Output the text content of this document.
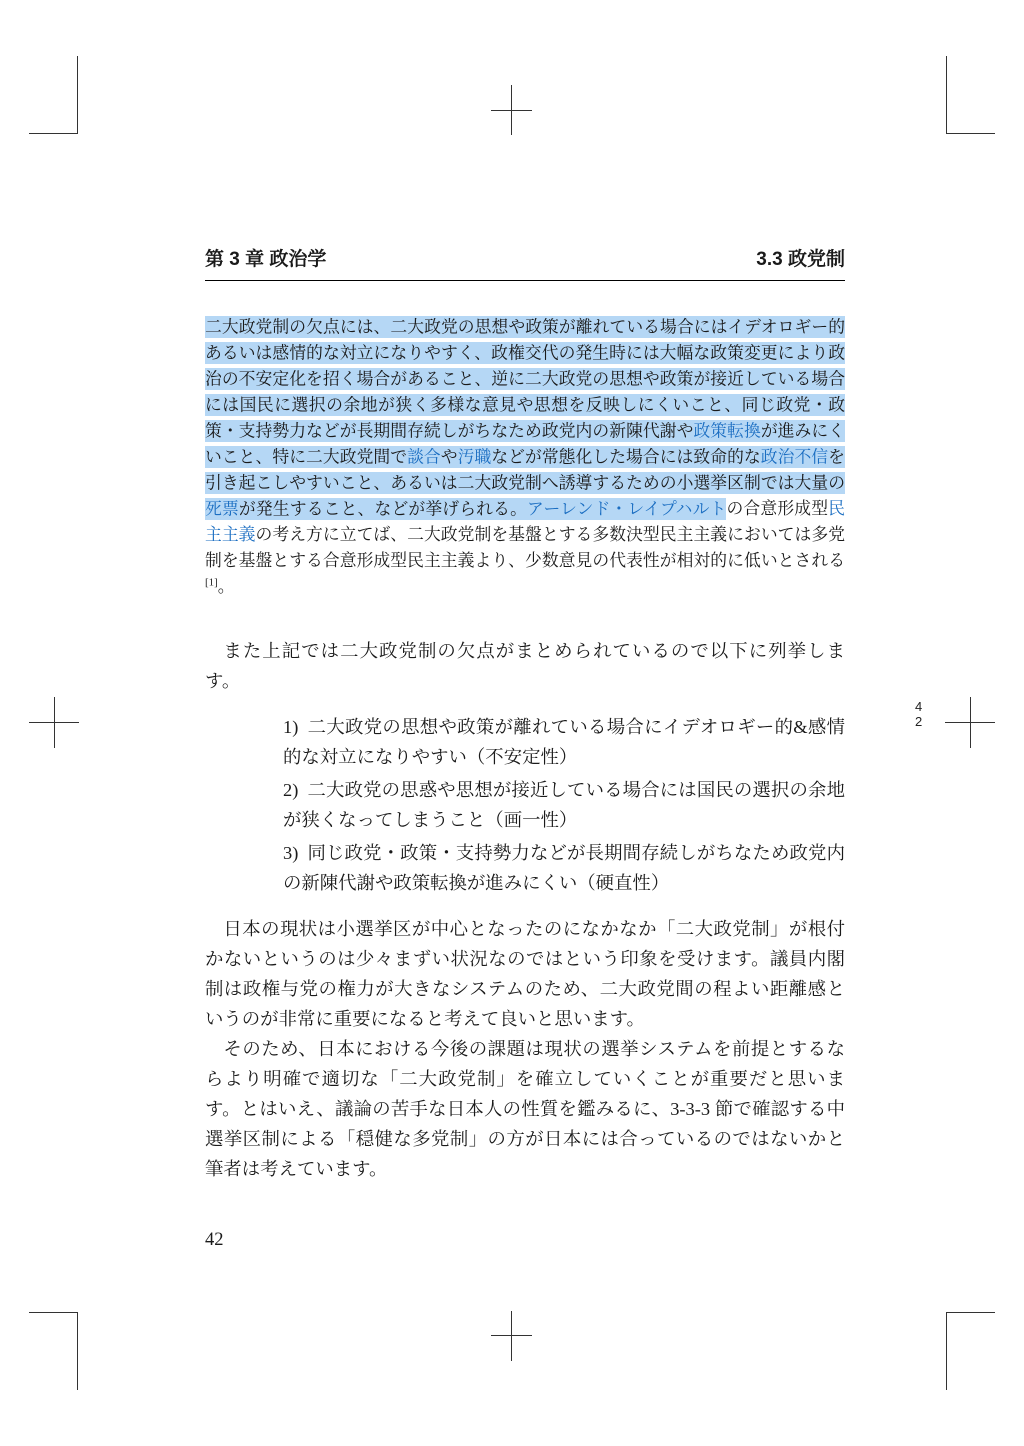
第 3 章 政治学	3.3 政党制

二大政党制の欠点には、二大政党の思想や政策が離れている場合にはイデオロギー的あるいは感情的な対立になりやすく、政権交代の発生時には大幅な政策変更により政治の不安定化を招く場合があること、逆に二大政党の思想や政策が接近している場合には国民に選択の余地が狭く多様な意見や思想を反映しにくいこと、同じ政党・政策・支持勢力などが長期間存続しがちなため政党内の新陳代謝や政策転換が進みにくいこと、特に二大政党間で談合や汚職などが常態化した場合には致命的な政治不信を引き起こしやすいこと、あるいは二大政党制へ誘導するための小選挙区制では大量の死票が発生すること、などが挙げられる。アーレンド・レイプハルトの合意形成型民主主義の考え方に立てば、二大政党制を基盤とする多数決型民主主義においては多党制を基盤とする合意形成型民主主義より、少数意見の代表性が相対的に低いとされる[1]。

また上記では二大政党制の欠点がまとめられているので以下に列挙します。

1) 二大政党の思想や政策が離れている場合にイデオロギー的&感情的な対立になりやすい（不安定性）
2) 二大政党の思惑や思想が接近している場合には国民の選択の余地が狭くなってしまうこと（画一性）
3) 同じ政党・政策・支持勢力などが長期間存続しがちなため政党内の新陳代謝や政策転換が進みにくい（硬直性）

日本の現状は小選挙区が中心となったのになかなか「二大政党制」が根付かないというのは少々まずい状況なのではという印象を受けます。議員内閣制は政権与党の権力が大きなシステムのため、二大政党間の程よい距離感というのが非常に重要になると考えて良いと思います。

そのため、日本における今後の課題は現状の選挙システムを前提とするならより明確で適切な「二大政党制」を確立していくことが重要だと思います。とはいえ、議論の苦手な日本人の性質を鑑みるに、3-3-3 節で確認する中選挙区制による「穏健な多党制」の方が日本には合っているのではないかと筆者は考えています。

42
4
2
